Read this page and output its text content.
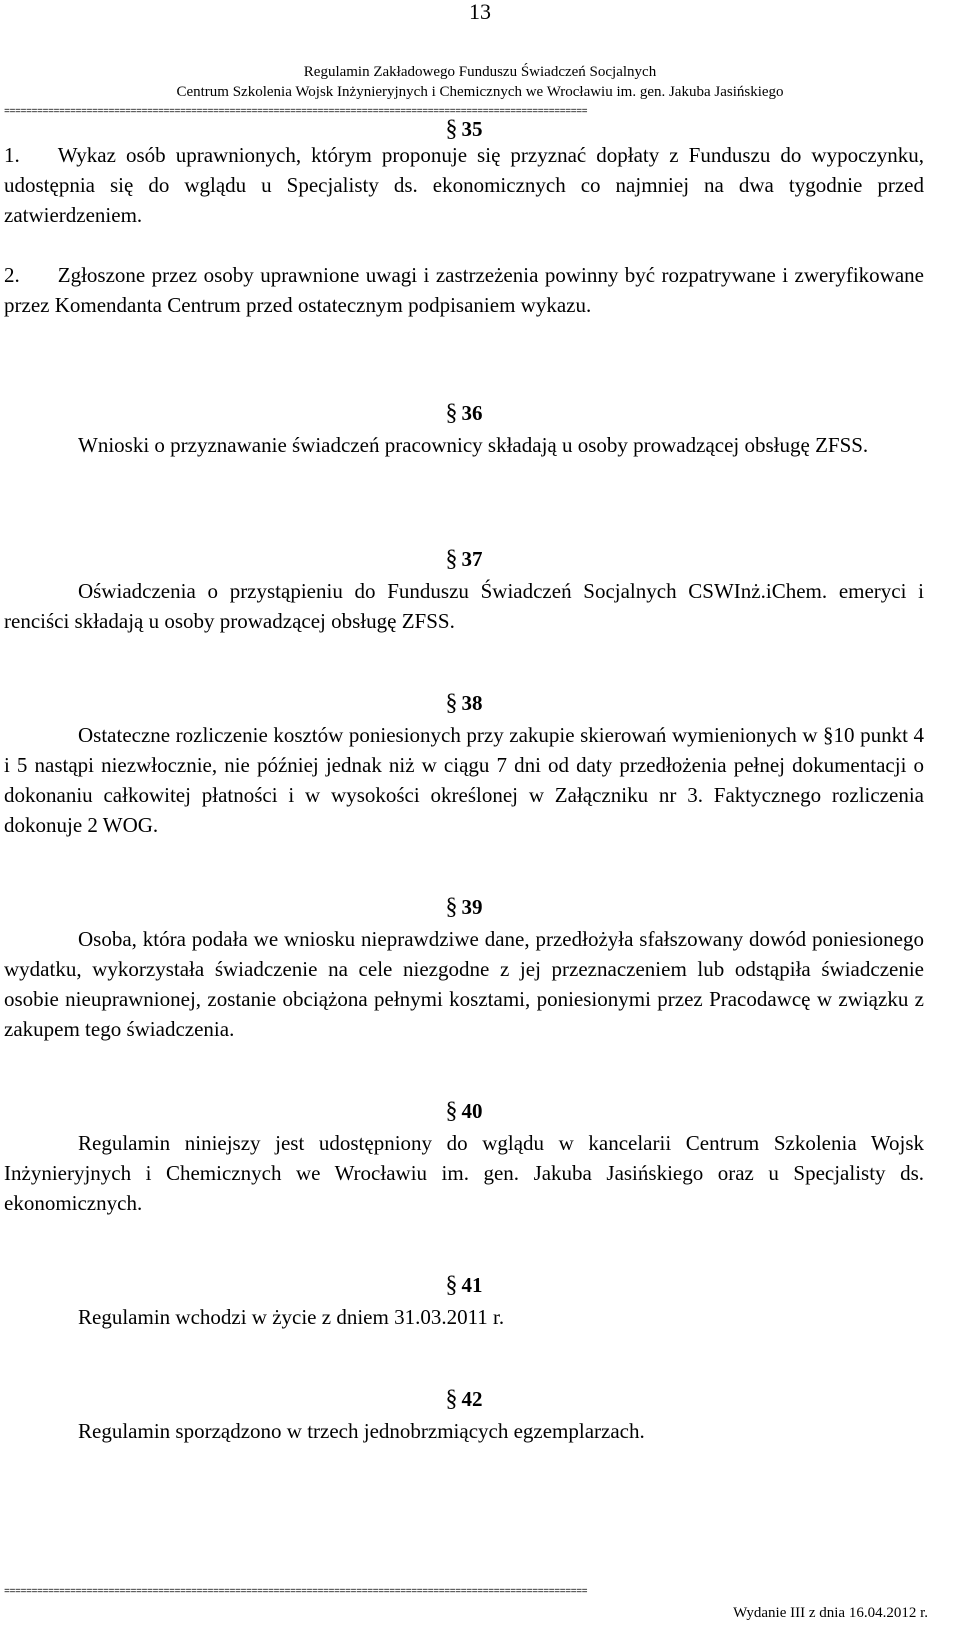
13
Regulamin Zakładowego Funduszu Świadczeń Socjalnych
Centrum Szkolenia Wojsk Inżynieryjnych i Chemicznych we Wrocławiu im. gen. Jakuba Jasińskiego
==========================================================================================================
§ 35

1. Wykaz osób uprawnionych, którym proponuje się przyznać dopłaty z Funduszu do wypoczynku, udostępnia się do wglądu u Specjalisty ds. ekonomicznych co najmniej na dwa tygodnie przed zatwierdzeniem.

2. Zgłoszone przez osoby uprawnione uwagi i zastrzeżenia powinny być rozpatrywane i zweryfikowane przez Komendanta Centrum przed ostatecznym podpisaniem wykazu.

§ 36

Wnioski o przyznawanie świadczeń pracownicy składają u osoby prowadzącej obsługę ZFSS.

§ 37

Oświadczenia o przystąpieniu do Funduszu Świadczeń Socjalnych CSWInż.iChem. emeryci i renciści składają u osoby prowadzącej obsługę ZFSS.

§ 38

Ostateczne rozliczenie kosztów poniesionych przy zakupie skierowań wymienionych w §10 punkt 4 i 5 nastąpi niezwłocznie, nie później jednak niż w ciągu 7 dni od daty przedłożenia pełnej dokumentacji o dokonaniu całkowitej płatności i w wysokości określonej w Załączniku nr 3. Faktycznego rozliczenia dokonuje 2 WOG.

§ 39

Osoba, która podała we wniosku nieprawdziwe dane, przedłożyła sfałszowany dowód poniesionego wydatku, wykorzystała świadczenie na cele niezgodne z jej przeznaczeniem lub odstąpiła świadczenie osobie nieuprawnionej, zostanie obciążona pełnymi kosztami, poniesionymi przez Pracodawcę w związku z zakupem tego świadczenia.

§ 40

Regulamin niniejszy jest udostępniony do wglądu w kancelarii Centrum Szkolenia Wojsk Inżynieryjnych i Chemicznych we Wrocławiu im. gen. Jakuba Jasińskiego oraz u Specjalisty ds. ekonomicznych.

§ 41

Regulamin wchodzi w życie z dniem 31.03.2011 r.

§ 42

Regulamin sporządzono w trzech jednobrzmiących egzemplarzach.

==========================================================================================================
Wydanie III z dnia 16.04.2012 r.
